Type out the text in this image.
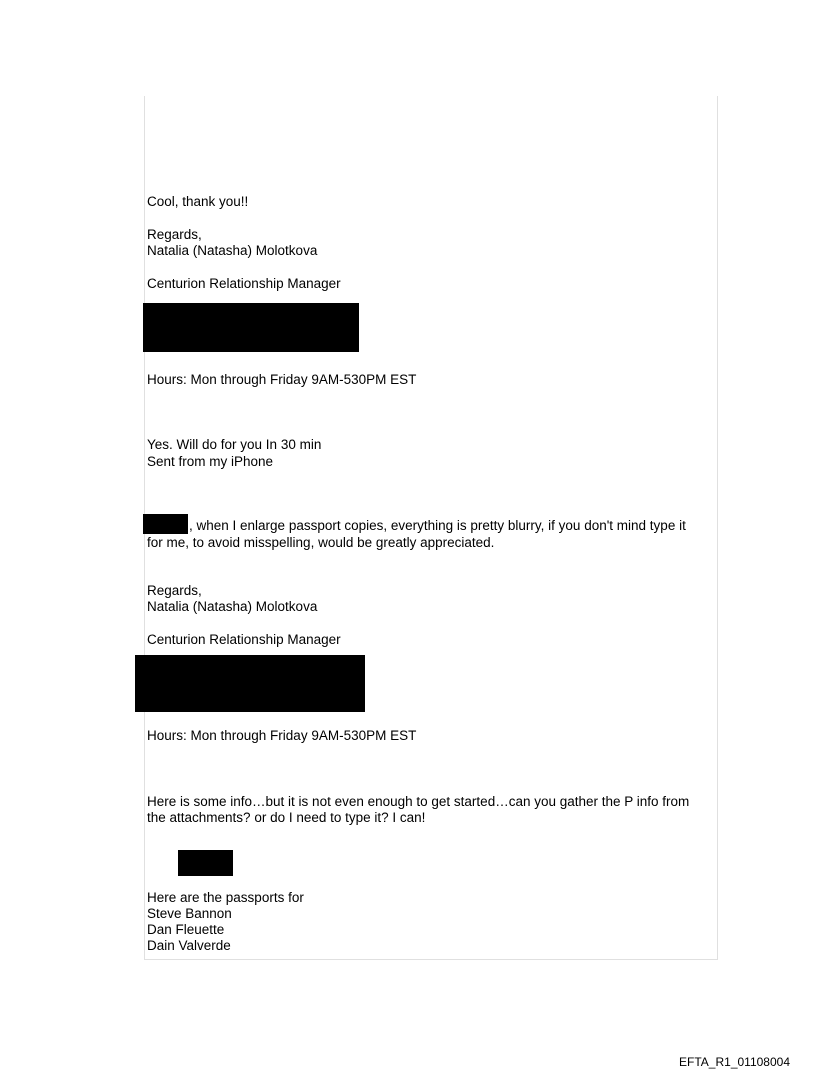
Cool, thank you!!
Regards,
Natalia (Natasha) Molotkova
Centurion Relationship Manager
Hours: Mon through Friday 9AM-530PM EST
Yes. Will do for you In 30 min
Sent from my iPhone
, when I enlarge passport copies, everything is pretty blurry, if you don't mind type it
for me, to avoid misspelling, would be greatly appreciated.
Regards,
Natalia (Natasha) Molotkova
Centurion Relationship Manager
Hours: Mon through Friday 9AM-530PM EST
Here is some info…but it is not even enough to get started…can you gather the P info from
the attachments? or do I need to type it? I can!
Here are the passports for
Steve Bannon
Dan Fleuette
Dain Valverde
EFTA_R1_01108004
